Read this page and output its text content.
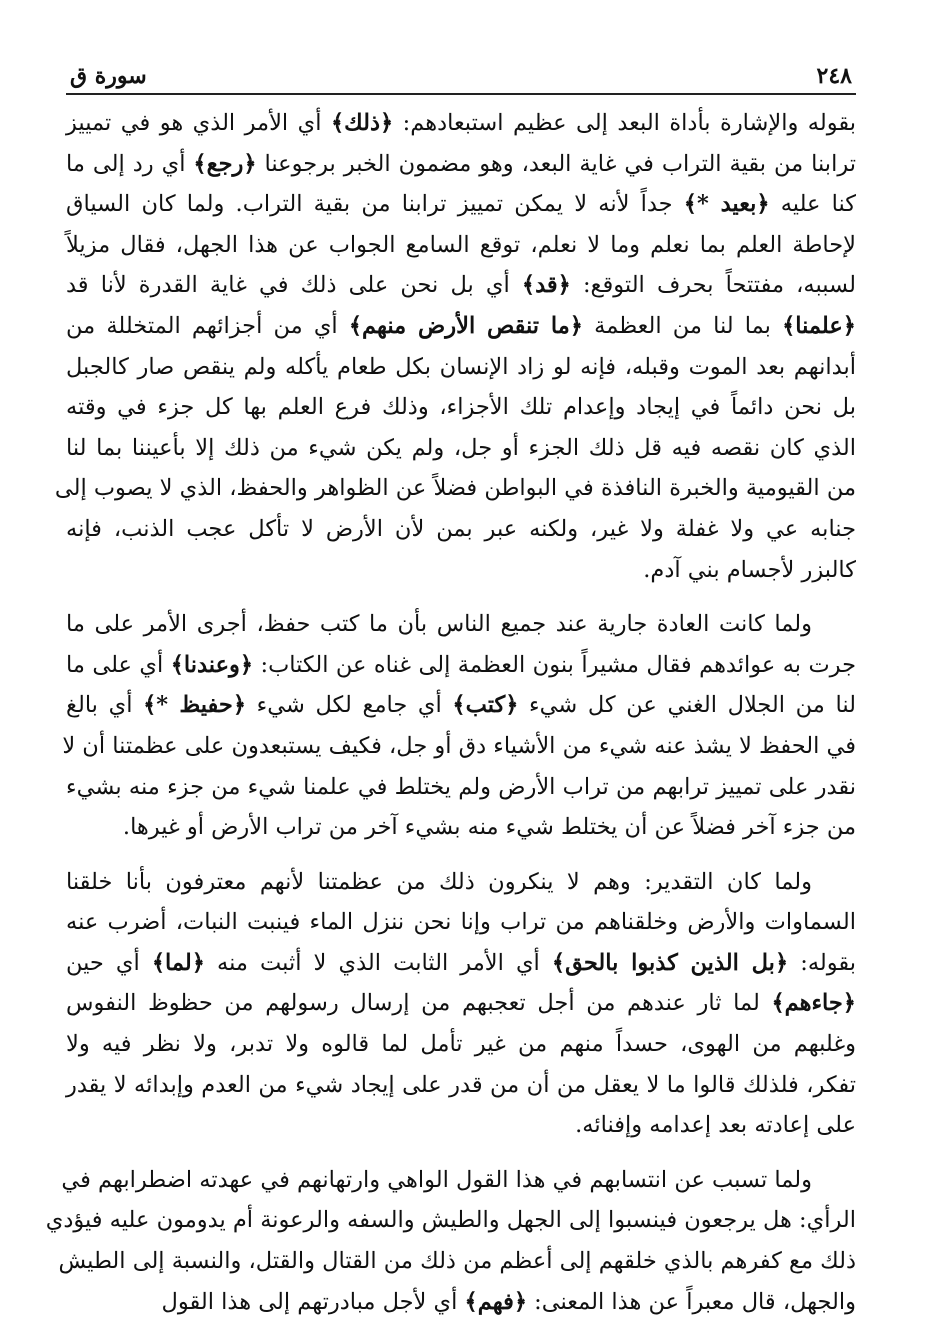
٢٤٨
سورة ق
بقوله والإشارة بأداة البعد إلى عظيم استبعادهم: ﴿ذلك﴾ أي الأمر الذي هو في تمييز
ترابنا من بقية التراب في غاية البعد، وهو مضمون الخبر برجوعنا ﴿رجع﴾ أي رد إلى ما
كنا عليه ﴿بعيد *﴾ جداً لأنه لا يمكن تمييز ترابنا من بقية التراب. ولما كان السياق
لإحاطة العلم بما نعلم وما لا نعلم، توقع السامع الجواب عن هذا الجهل، فقال مزيلاً
لسببه، مفتتحاً بحرف التوقع: ﴿قد﴾ أي بل نحن على ذلك في غاية القدرة لأنا قد
﴿علمنا﴾ بما لنا من العظمة ﴿ما تنقص الأرض منهم﴾ أي من أجزائهم المتخللة من
أبدانهم بعد الموت وقبله، فإنه لو زاد الإنسان بكل طعام يأكله ولم ينقص صار كالجبل
بل نحن دائماً في إيجاد وإعدام تلك الأجزاء، وذلك فرع العلم بها كل جزء في وقته
الذي كان نقصه فيه قل ذلك الجزء أو جل، ولم يكن شيء من ذلك إلا بأعيننا بما لنا
من القيومية والخبرة النافذة في البواطن فضلاً عن الظواهر والحفظ، الذي لا يصوب إلى
جنابه عي ولا غفلة ولا غير، ولكنه عبر بمن لأن الأرض لا تأكل عجب الذنب، فإنه
كالبزر لأجسام بني آدم.
ولما كانت العادة جارية عند جميع الناس بأن ما كتب حفظ، أجرى الأمر على ما
جرت به عوائدهم فقال مشيراً بنون العظمة إلى غناه عن الكتاب: ﴿وعندنا﴾ أي على ما
لنا من الجلال الغني عن كل شيء ﴿كتب﴾ أي جامع لكل شيء ﴿حفيظ *﴾ أي بالغ
في الحفظ لا يشذ عنه شيء من الأشياء دق أو جل، فكيف يستبعدون على عظمتنا أن لا
نقدر على تمييز ترابهم من تراب الأرض ولم يختلط في علمنا شيء من جزء منه بشيء
من جزء آخر فضلاً عن أن يختلط شيء منه بشيء آخر من تراب الأرض أو غيرها.
ولما كان التقدير: وهم لا ينكرون ذلك من عظمتنا لأنهم معترفون بأنا خلقنا
السماوات والأرض وخلقناهم من تراب وإنا نحن ننزل الماء فينبت النبات، أضرب عنه
بقوله: ﴿بل الذين كذبوا بالحق﴾ أي الأمر الثابت الذي لا أثبت منه ﴿لما﴾ أي حين
﴿جاءهم﴾ لما ثار عندهم من أجل تعجبهم من إرسال رسولهم من حظوظ النفوس
وغلبهم من الهوى، حسداً منهم من غير تأمل لما قالوه ولا تدبر، ولا نظر فيه ولا
تفكر، فلذلك قالوا ما لا يعقل من أن من قدر على إيجاد شيء من العدم وإبدائه لا يقدر
على إعادته بعد إعدامه وإفنائه.
ولما تسبب عن انتسابهم في هذا القول الواهي وارتهانهم في عهدته اضطرابهم في
الرأي: هل يرجعون فينسبوا إلى الجهل والطيش والسفه والرعونة أم يدومون عليه فيؤدي
ذلك مع كفرهم بالذي خلقهم إلى أعظم من ذلك من القتال والقتل، والنسبة إلى الطيش
والجهل، قال معبراً عن هذا المعنى: ﴿فهم﴾ أي لأجل مبادرتهم إلى هذا القول
